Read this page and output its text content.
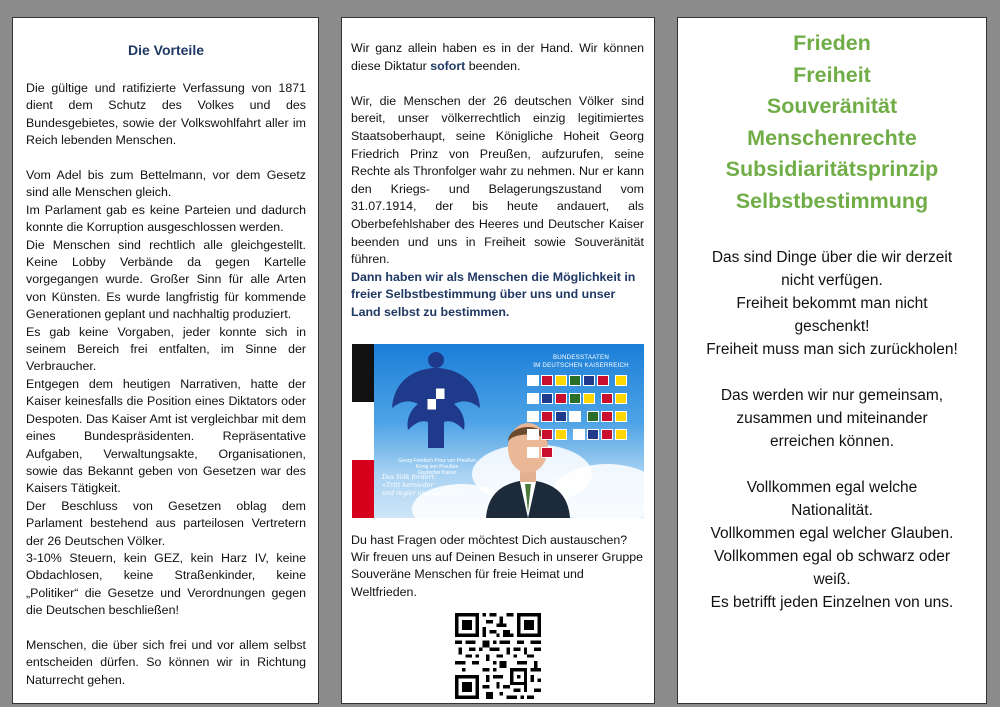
Die Vorteile

Die gültige und ratifizierte Verfassung von 1871 dient dem Schutz des Volkes und des Bundesgebietes, sowie der Volkswohlfahrt aller im Reich lebenden Menschen.

Vom Adel bis zum Bettelmann, vor dem Gesetz sind alle Menschen gleich.

Im Parlament gab es keine Parteien und dadurch konnte die Korruption ausgeschlossen werden.

Die Menschen sind rechtlich alle gleichgestellt. Keine Lobby Verbände da gegen Kartelle vorgegangen wurde. Großer Sinn für alle Arten von Künsten. Es wurde langfristig für kommende Generationen geplant und nachhaltig produziert.

Es gab keine Vorgaben, jeder konnte sich in seinem Bereich frei entfalten, im Sinne der Verbraucher.

Entgegen dem heutigen Narrativen, hatte der Kaiser keinesfalls die Position eines Diktators oder Despoten. Das Kaiser Amt ist vergleichbar mit dem eines Bundespräsidenten. Repräsentative Aufgaben, Verwaltungsakte, Organisationen, sowie das Bekannt geben von Gesetzen war des Kaisers Tätigkeit.

Der Beschluss von Gesetzen oblag dem Parlament bestehend aus parteilosen Vertretern der 26 Deutschen Völker.

3-10% Steuern, kein GEZ, kein Harz IV, keine Obdachlosen, keine Straßenkinder, keine „Politiker“ die Gesetze und Verordnungen gegen die Deutschen beschließen!

Menschen, die über sich frei und vor allem selbst entscheiden dürfen. So können wir in Richtung Naturrecht gehen.

Wir ganz allein haben es in der Hand. Wir können diese Diktatur sofort beenden.

Wir, die Menschen der 26 deutschen Völker sind bereit, unser völkerrechtlich einzig legitimiertes Staatsoberhaupt, seine Königliche Hoheit Georg Friedrich Prinz von Preußen, aufzurufen, seine Rechte als Thronfolger wahr zu nehmen. Nur er kann den Kriegs- und Belagerungszustand vom 31.07.1914, der bis heute andauert, als Oberbefehlshaber des Heeres und Deutscher Kaiser beenden und uns in Freiheit sowie Souveränität führen.

Dann haben wir als Menschen die Möglichkeit in freier Selbstbestimmung über uns und unser Land selbst zu bestimmen.

Georg Friedrich Prinz von Preußen
König von Preußen
Deutscher Kaiser
Das Volk fordert:
»Tritt hernieder
und regier uns wieder.«
BUNDESSTAATEN
IM DEUTSCHEN KAISERREICH

Du hast Fragen oder möchtest Dich austauschen? Wir freuen uns auf Deinen Besuch in unserer Gruppe Souveräne Menschen für freie Heimat und Weltfrieden.

Frieden
Freiheit
Souveränität
Menschenrechte
Subsidiaritätsprinzip
Selbstbestimmung

Das sind Dinge über die wir derzeit

nicht verfügen.

Freiheit bekommt man nicht

geschenkt!

Freiheit muss man sich zurückholen!

Das werden wir nur gemeinsam,

zusammen und miteinander

erreichen können.

Vollkommen egal welche

Nationalität.

Vollkommen egal welcher Glauben.

Vollkommen egal ob schwarz oder

weiß.

Es betrifft jeden Einzelnen von uns.
